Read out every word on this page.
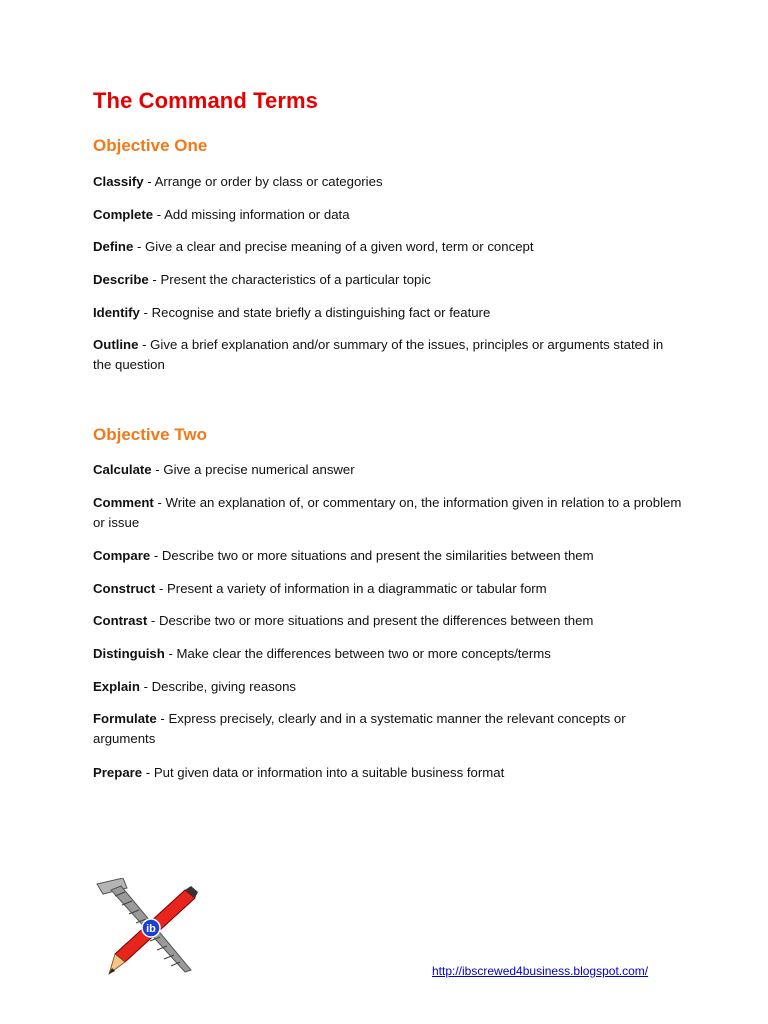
The Command Terms
Objective One
Classify - Arrange or order by class or categories
Complete - Add missing information or data
Define - Give a clear and precise meaning of a given word, term or concept
Describe - Present the characteristics of a particular topic
Identify - Recognise and state briefly a distinguishing fact or feature
Outline - Give a brief explanation and/or summary of the issues, principles or arguments stated in the question
Objective Two
Calculate - Give a precise numerical answer
Comment - Write an explanation of, or commentary on, the information given in relation to a problem or issue
Compare - Describe two or more situations and present the similarities between them
Construct - Present a variety of information in a diagrammatic or tabular form
Contrast - Describe two or more situations and present the differences between them
Distinguish - Make clear the differences between two or more concepts/terms
Explain - Describe, giving reasons
Formulate - Express precisely, clearly and in a systematic manner the relevant concepts or arguments
Prepare - Put given data or information into a suitable business format
ib
http://ibscrewed4business.blogspot.com/
